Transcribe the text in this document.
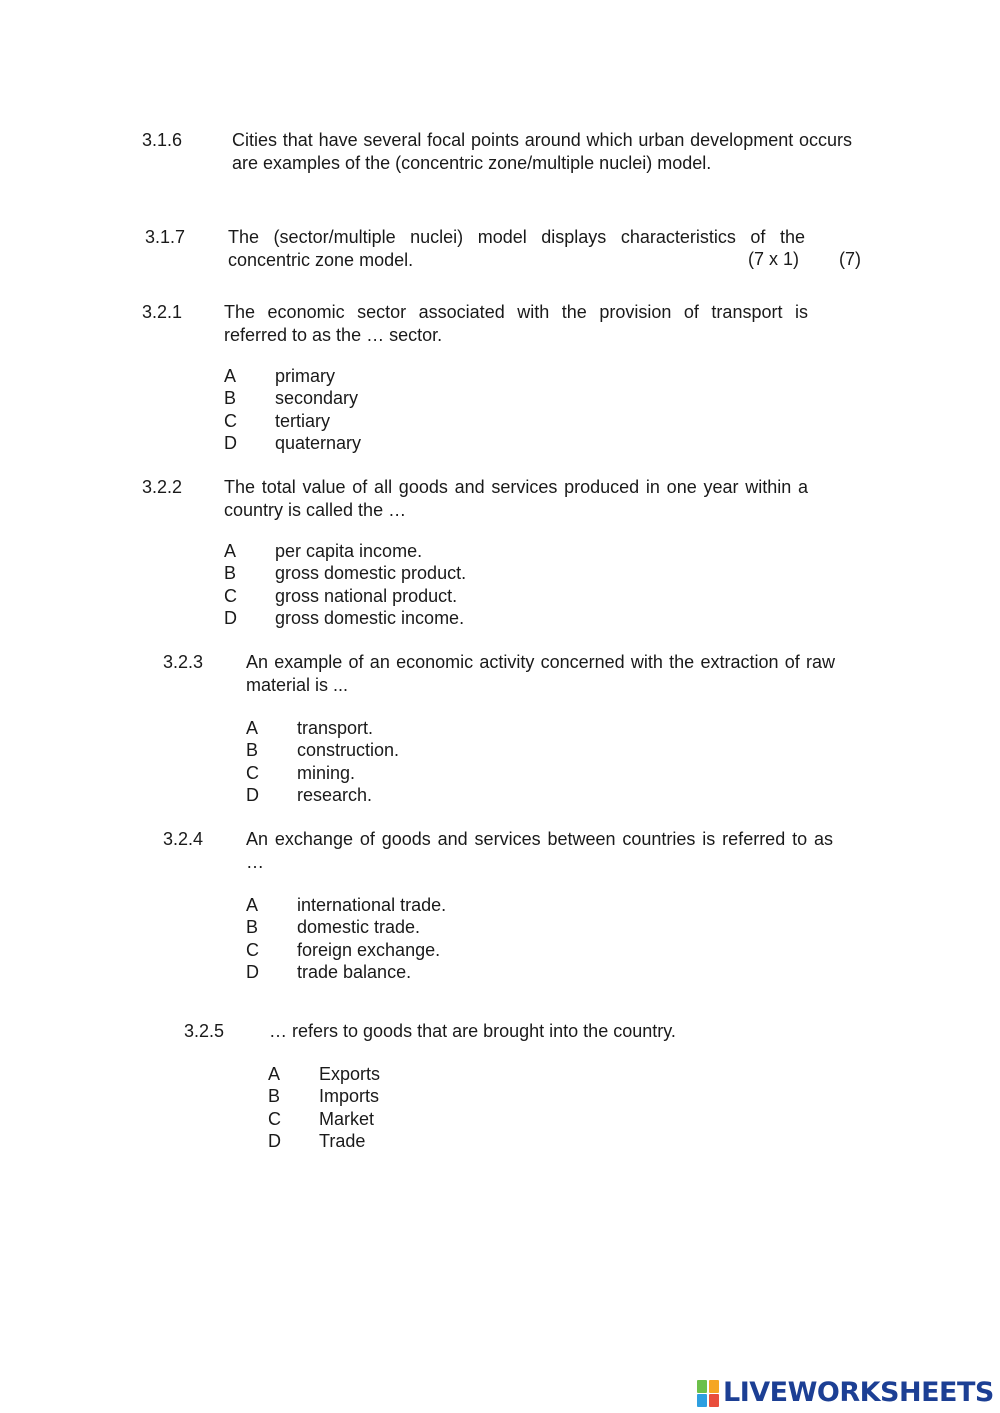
3.1.6	Cities that have several focal points around which urban development occurs are examples of the (concentric zone/multiple nuclei) model.
3.1.7 The (sector/multiple nuclei) model displays characteristics of the concentric zone model.	(7 x 1) (7)
3.2.1 The economic sector associated with the provision of transport is referred to as the … sector.
A primary
B secondary
C tertiary
D quaternary
3.2.2 The total value of all goods and services produced in one year within a country is called the …
A per capita income.
B gross domestic product.
C gross national product.
D gross domestic income.
3.2.3 An example of an economic activity concerned with the extraction of raw material is ...
A transport.
B construction.
C mining.
D research.
3.2.4 An exchange of goods and services between countries is referred to as …
A international trade.
B domestic trade.
C foreign exchange.
D trade balance.
3.2.5 … refers to goods that are brought into the country.
A Exports
B Imports
C Market
D Trade
LIVEWORKSHEETS
